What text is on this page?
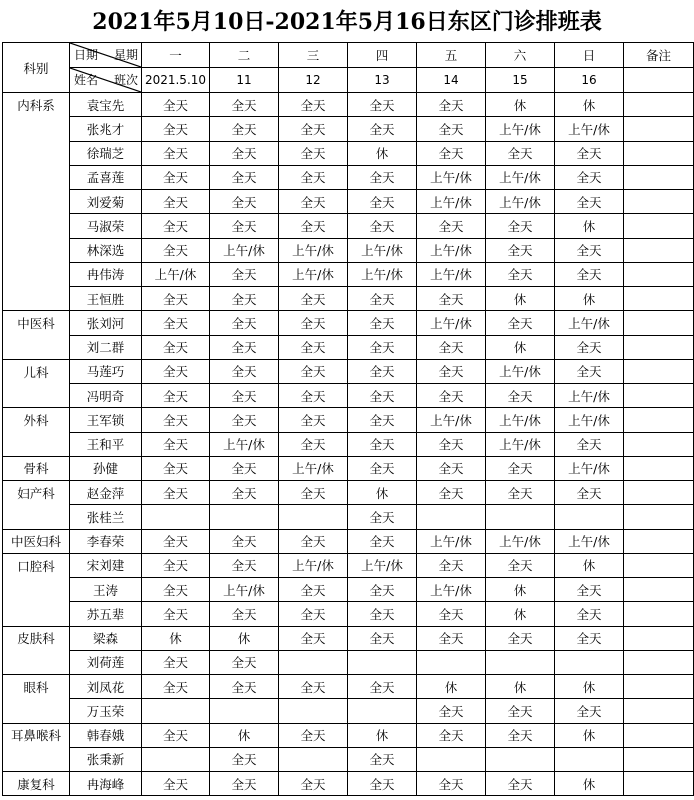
2021年5月10日-2021年5月16日东区门诊排班表
科别	日期 星期	一	二	三	四	五	六	日	备注

	姓名 班次	2021.5.10	11	12	13	14	15	16	
内科系	袁宝先	全天	全天	全天	全天	全天	休	休	
	张兆才	全天	全天	全天	全天	全天	上午/休	上午/休	
	徐瑞芝	全天	全天	全天	休	全天	全天	全天	
	孟喜莲	全天	全天	全天	全天	上午/休	上午/休	全天	
	刘爱菊	全天	全天	全天	全天	上午/休	上午/休	全天	
	马淑荣	全天	全天	全天	全天	全天	全天	休	
	林深选	全天	上午/休	上午/休	上午/休	上午/休	全天	全天	
	冉伟涛	上午/休	全天	上午/休	上午/休	上午/休	全天	全天	
	王恒胜	全天	全天	全天	全天	全天	休	休	
中医科	张刘河	全天	全天	全天	全天	上午/休	全天	上午/休	
	刘二群	全天	全天	全天	全天	全天	休	全天	
儿科	马莲巧	全天	全天	全天	全天	全天	上午/休	全天	
	冯明奇	全天	全天	全天	全天	全天	全天	上午/休	
外科	王军锁	全天	全天	全天	全天	上午/休	上午/休	上午/休	
	王和平	全天	上午/休	全天	全天	全天	上午/休	全天	
骨科	孙健	全天	全天	上午/休	全天	全天	全天	上午/休	
妇产科	赵金萍	全天	全天	全天	休	全天	全天	全天	
	张桂兰				全天				
中医妇科	李春荣	全天	全天	全天	全天	上午/休	上午/休	上午/休	
口腔科	宋刘建	全天	全天	上午/休	上午/休	全天	全天	休	
	王涛	全天	上午/休	全天	全天	上午/休	休	全天	
	苏五辈	全天	全天	全天	全天	全天	休	全天	
皮肤科	梁森	休	休	全天	全天	全天	全天	全天	
	刘荷莲	全天	全天						
眼科	刘凤花	全天	全天	全天	全天	休	休	休	
	万玉荣					全天	全天	全天	
耳鼻喉科	韩春娥	全天	休	全天	休	全天	全天	休	
	张秉新		全天		全天				
康复科	冉海峰	全天	全天	全天	全天	全天	全天	休	
